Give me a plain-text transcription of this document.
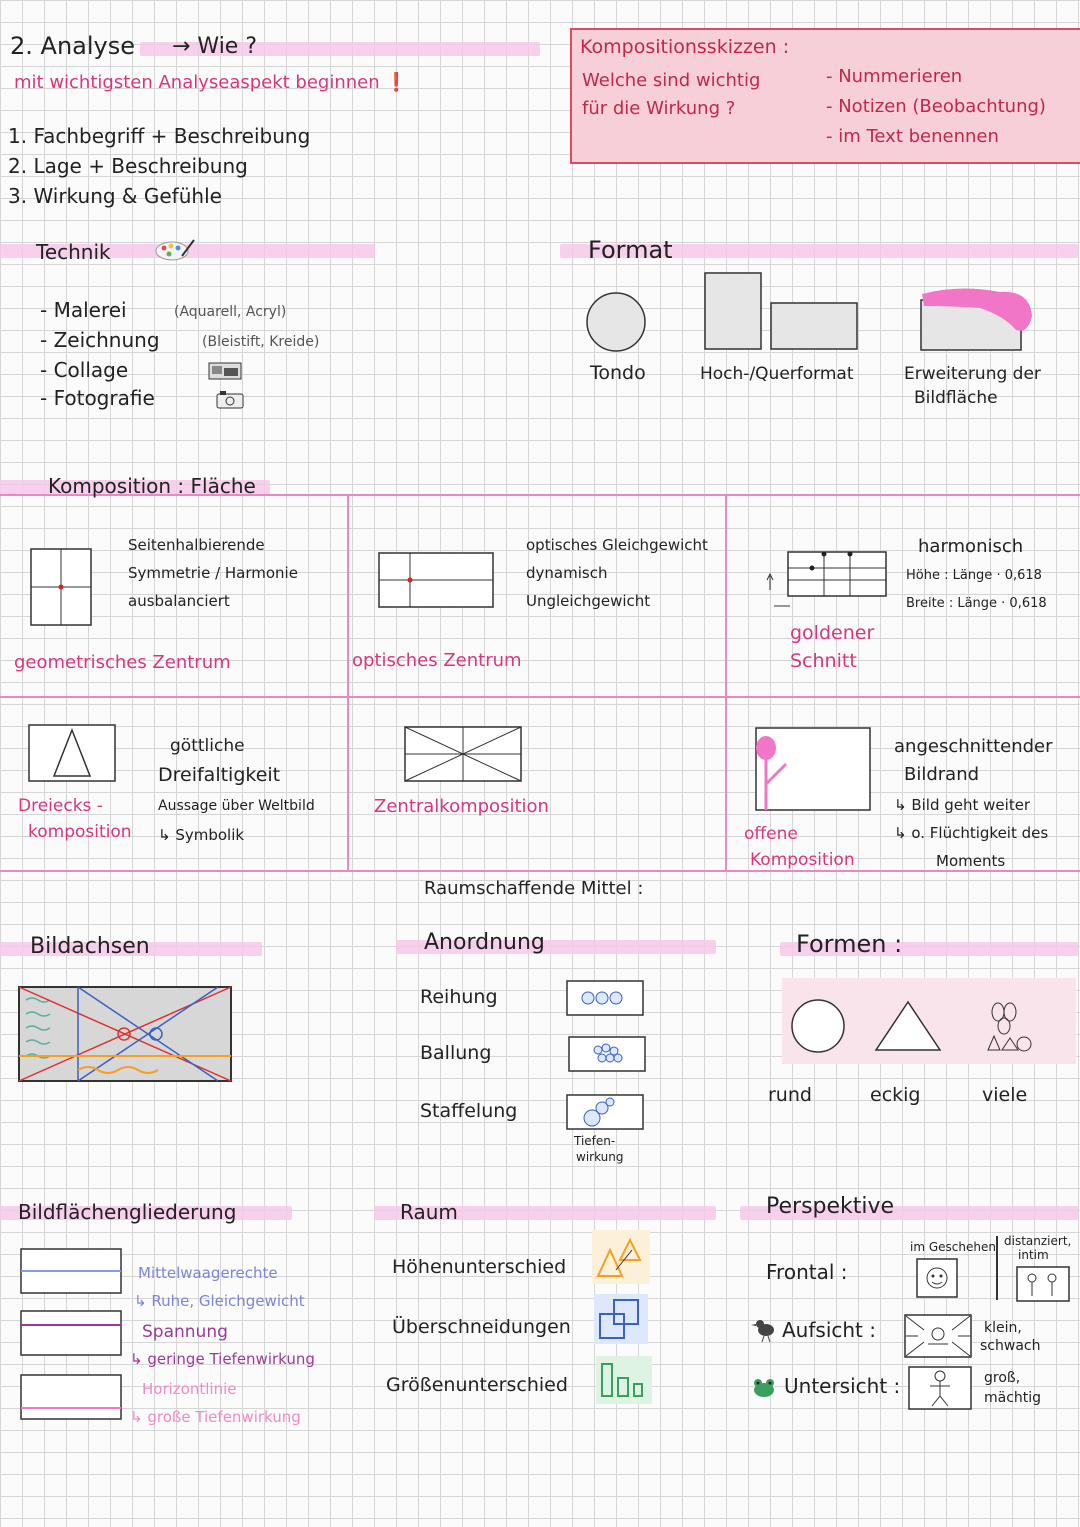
2. Analyse → Wie ?
mit wichtigsten Analyseaspekt beginnen ❗
1. Fachbegriff + Beschreibung
2. Lage + Beschreibung
3. Wirkung & Gefühle
Kompositionsskizzen :
Welche sind wichtig
für die Wirkung ?
- Nummerieren
- Notizen (Beobachtung)
- im Text benennen
Technik
- Malerei	(Aquarell, Acryl)
- Zeichnung	(Bleistift, Kreide)
- Collage
- Fotografie
Format
Tondo	Hoch-/Querformat	Erweiterung der
Bildfläche
Komposition : Fläche
Seitenhalbierende
Symmetrie / Harmonie
ausbalanciert
geometrisches Zentrum
optisches Gleichgewicht
dynamisch
Ungleichgewicht
optisches Zentrum
harmonisch
Höhe : Länge · 0,618
Breite : Länge · 0,618
goldener
Schnitt
göttliche
Dreifaltigkeit
Aussage über Weltbild
↳ Symbolik
Dreiecks -
komposition
Zentralkomposition
angeschnittender
Bildrand
↳ Bild geht weiter
↳ o. Flüchtigkeit des
Moments
offene
Komposition
Bildachsen
Raumschaffende Mittel :
Anordnung
Reihung
Ballung
Staffelung
Tiefen-
wirkung
Formen :
rund	eckig	viele
Bildflächengliederung
Mittelwaagerechte
↳ Ruhe, Gleichgewicht
Spannung
↳ geringe Tiefenwirkung
Horizontlinie
↳ große Tiefenwirkung
Raum
Höhenunterschied
Überschneidungen
Größenunterschied
Perspektive
im Geschehen distanziert,
intim
Frontal :
Aufsicht :
Untersicht :
klein,
schwach
groß,
mächtig
